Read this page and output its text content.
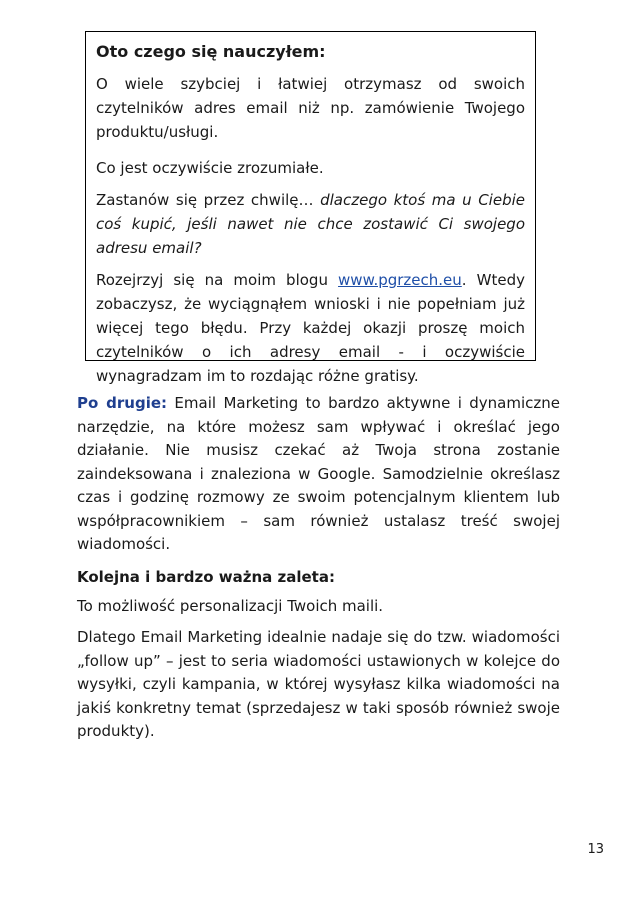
Oto czego się nauczyłem:

O wiele szybciej i łatwiej otrzymasz od swoich czytelników adres email niż np. zamówienie Twojego produktu/usługi.

Co jest oczywiście zrozumiałe.

Zastanów się przez chwilę… dlaczego ktoś ma u Ciebie coś kupić, jeśli nawet nie chce zostawić Ci swojego adresu email?

Rozejrzyj się na moim blogu www.pgrzech.eu. Wtedy zobaczysz, że wyciągnąłem wnioski i nie popełniam już więcej tego błędu. Przy każdej okazji proszę moich czytelników o ich adresy email - i oczywiście wynagradzam im to rozdając różne gratisy.

Po drugie: Email Marketing to bardzo aktywne i dynamiczne narzędzie, na które możesz sam wpływać i określać jego działanie. Nie musisz czekać aż Twoja strona zostanie zaindeksowana i znaleziona w Google. Samodzielnie określasz czas i godzinę rozmowy ze swoim potencjalnym klientem lub współpracownikiem – sam również ustalasz treść swojej wiadomości.

Kolejna i bardzo ważna zaleta:

To możliwość personalizacji Twoich maili.

Dlatego Email Marketing idealnie nadaje się do tzw. wiadomości „follow up” – jest to seria wiadomości ustawionych w kolejce do wysyłki, czyli kampania, w której wysyłasz kilka wiadomości na jakiś konkretny temat (sprzedajesz w taki sposób również swoje produkty).

13
